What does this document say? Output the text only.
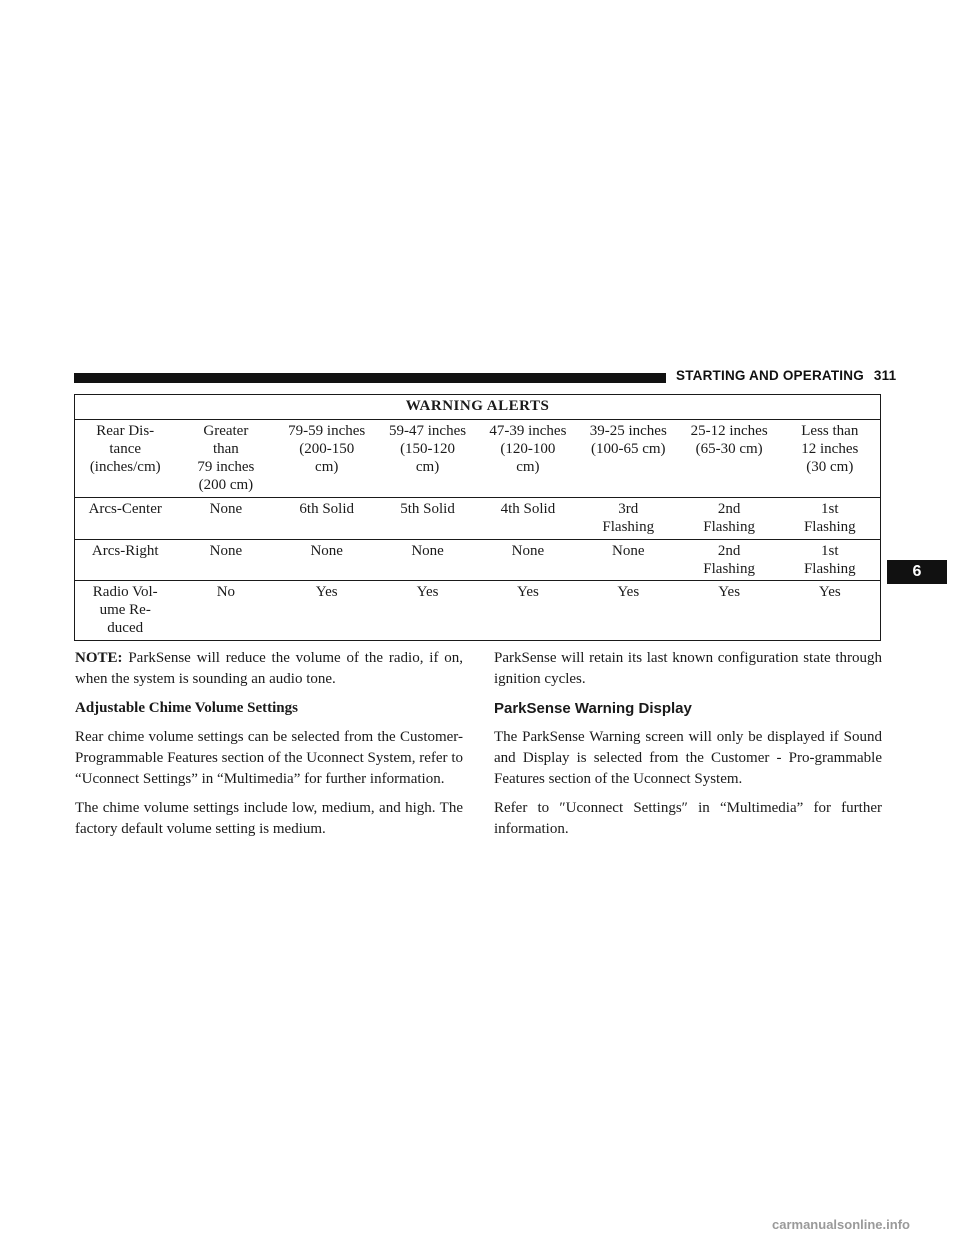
STARTING AND OPERATING 311
6
WARNING ALERTS							
Rear Dis-
tance
(inches/cm)	Greater
than
79 inches
(200 cm)	79-59 inches
(200-150
cm)	59-47 inches
(150-120
cm)	47-39 inches
(120-100
cm)	39-25 inches
(100-65 cm)	25-12 inches
(65-30 cm)	Less than
12 inches
(30 cm)
Arcs-Center	None	6th Solid	5th Solid	4th Solid	3rd
Flashing	2nd
Flashing	1st
Flashing
Arcs-Right	None	None	None	None	None	2nd
Flashing	1st
Flashing
Radio Vol-
ume Re-
duced	No	Yes	Yes	Yes	Yes	Yes	Yes

NOTE: ParkSense will reduce the volume of the radio, if on, when the system is sounding an audio tone.

Adjustable Chime Volume Settings

Rear chime volume settings can be selected from the Customer-Programmable Features section of the Uconnect System, refer to “Uconnect Settings” in “Multimedia” for further information.

The chime volume settings include low, medium, and high. The factory default volume setting is medium.

ParkSense will retain its last known configuration state through ignition cycles.

ParkSense Warning Display

The ParkSense Warning screen will only be displayed if Sound and Display is selected from the Customer - Pro-grammable Features section of the Uconnect System.

Refer to ″Uconnect Settings″ in “Multimedia” for further information.

carmanualsonline.info
